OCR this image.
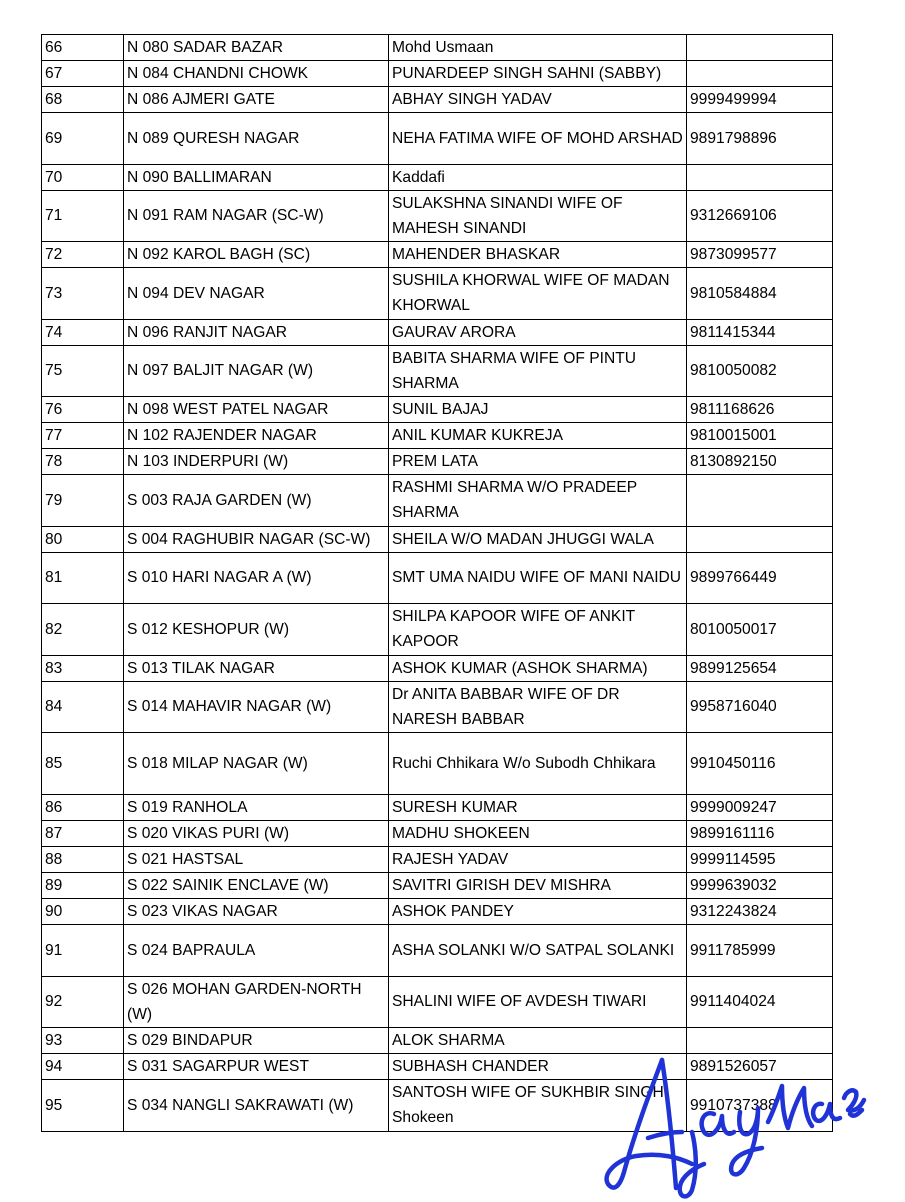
66	N 080 SADAR BAZAR	Mohd Usmaan	
67	N 084 CHANDNI CHOWK	PUNARDEEP SINGH SAHNI (SABBY)	
68	N 086 AJMERI GATE	ABHAY SINGH YADAV	9999499994
69	N 089 QURESH NAGAR	NEHA FATIMA WIFE OF MOHD ARSHAD	9891798896
70	N 090 BALLIMARAN	Kaddafi	
71	N 091 RAM NAGAR (SC-W)	SULAKSHNA SINANDI WIFE OF MAHESH SINANDI	9312669106
72	N 092 KAROL BAGH (SC)	MAHENDER BHASKAR	9873099577
73	N 094 DEV NAGAR	SUSHILA KHORWAL WIFE OF MADAN KHORWAL	9810584884
74	N 096 RANJIT NAGAR	GAURAV ARORA	9811415344
75	N 097 BALJIT NAGAR (W)	BABITA SHARMA WIFE OF PINTU SHARMA	9810050082
76	N 098 WEST PATEL NAGAR	SUNIL BAJAJ	9811168626
77	N 102 RAJENDER NAGAR	ANIL KUMAR KUKREJA	9810015001
78	N 103 INDERPURI (W)	PREM LATA	8130892150
79	S 003 RAJA GARDEN (W)	RASHMI SHARMA W/O PRADEEP SHARMA	
80	S 004 RAGHUBIR NAGAR (SC-W)	SHEILA W/O MADAN JHUGGI WALA	
81	S 010 HARI NAGAR A (W)	SMT UMA NAIDU WIFE OF MANI NAIDU	9899766449
82	S 012 KESHOPUR (W)	SHILPA KAPOOR WIFE OF ANKIT KAPOOR	8010050017
83	S 013 TILAK NAGAR	ASHOK KUMAR (ASHOK SHARMA)	9899125654
84	S 014 MAHAVIR NAGAR (W)	Dr ANITA BABBAR WIFE OF DR NARESH BABBAR	9958716040
85	S 018 MILAP NAGAR (W)	Ruchi Chhikara W/o Subodh Chhikara	9910450116
86	S 019 RANHOLA	SURESH KUMAR	9999009247
87	S 020 VIKAS PURI (W)	MADHU SHOKEEN	9899161116
88	S 021 HASTSAL	RAJESH YADAV	9999114595
89	S 022 SAINIK ENCLAVE (W)	SAVITRI GIRISH DEV MISHRA	9999639032
90	S 023 VIKAS NAGAR	ASHOK PANDEY	9312243824
91	S 024 BAPRAULA	ASHA SOLANKI W/O SATPAL SOLANKI	9911785999
92	S 026 MOHAN GARDEN-NORTH (W)	SHALINI WIFE OF AVDESH TIWARI	9911404024
93	S 029 BINDAPUR	ALOK SHARMA	
94	S 031 SAGARPUR WEST	SUBHASH CHANDER	9891526057
95	S 034 NANGLI SAKRAWATI (W)	SANTOSH WIFE OF SUKHBIR SINGH Shokeen	9910737388
